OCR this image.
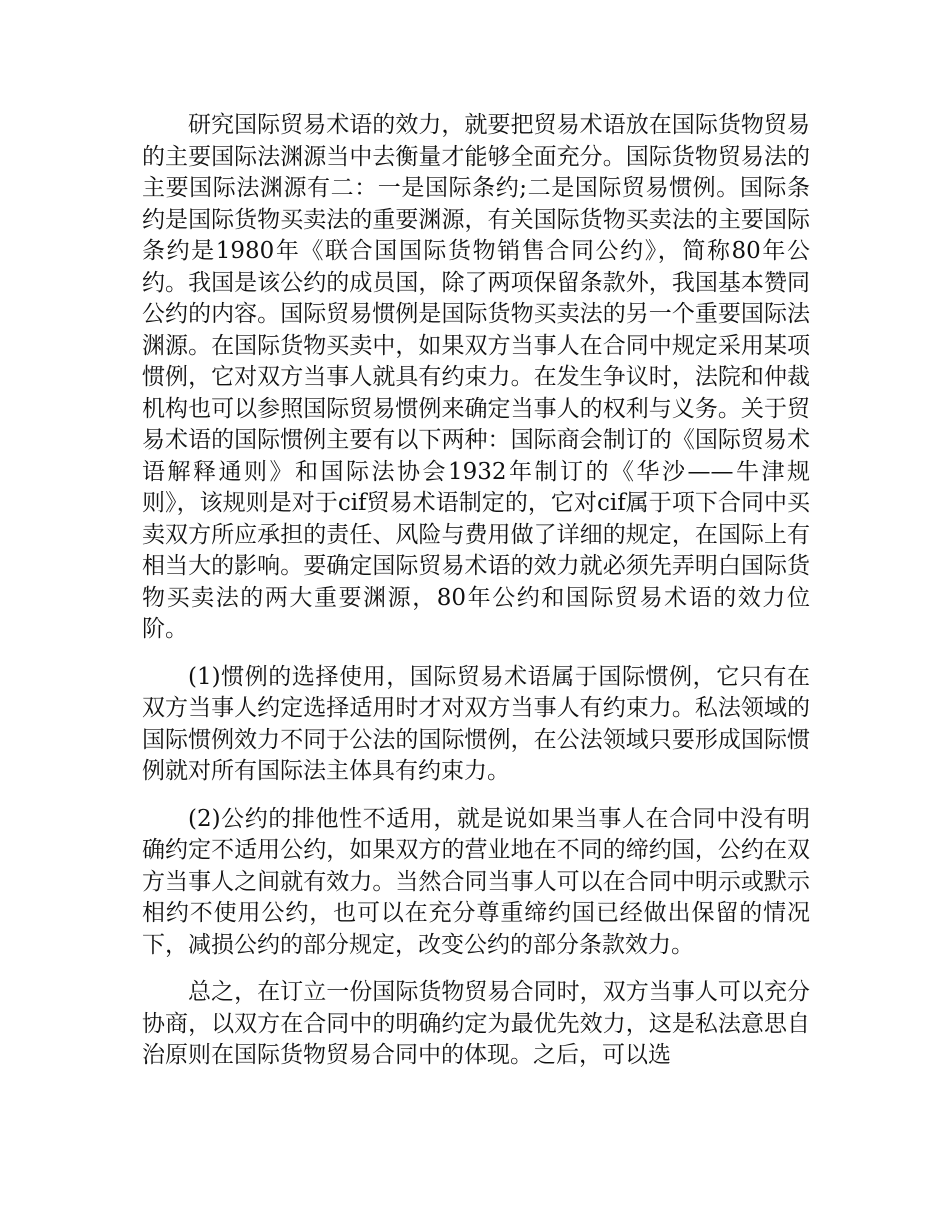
研究国际贸易术语的效力，就要把贸易术语放在国际货物贸易的主要国际法渊源当中去衡量才能够全面充分。国际货物贸易法的主要国际法渊源有二：一是国际条约;二是国际贸易惯例。国际条约是国际货物买卖法的重要渊源，有关国际货物买卖法的主要国际条约是1980年《联合国国际货物销售合同公约》，简称80年公约。我国是该公约的成员国，除了两项保留条款外，我国基本赞同公约的内容。国际贸易惯例是国际货物买卖法的另一个重要国际法渊源。在国际货物买卖中，如果双方当事人在合同中规定采用某项惯例，它对双方当事人就具有约束力。在发生争议时，法院和仲裁机构也可以参照国际贸易惯例来确定当事人的权利与义务。关于贸易术语的国际惯例主要有以下两种：国际商会制订的《国际贸易术语解释通则》和国际法协会1932年制订的《华沙——牛津规则》，该规则是对于cif贸易术语制定的，它对cif属于项下合同中买卖双方所应承担的责任、风险与费用做了详细的规定，在国际上有相当大的影响。要确定国际贸易术语的效力就必须先弄明白国际货物买卖法的两大重要渊源，80年公约和国际贸易术语的效力位阶。

(1)惯例的选择使用，国际贸易术语属于国际惯例，它只有在双方当事人约定选择适用时才对双方当事人有约束力。私法领域的国际惯例效力不同于公法的国际惯例，在公法领域只要形成国际惯例就对所有国际法主体具有约束力。

(2)公约的排他性不适用，就是说如果当事人在合同中没有明确约定不适用公约，如果双方的营业地在不同的缔约国，公约在双方当事人之间就有效力。当然合同当事人可以在合同中明示或默示相约不使用公约，也可以在充分尊重缔约国已经做出保留的情况下，减损公约的部分规定，改变公约的部分条款效力。

总之，在订立一份国际货物贸易合同时，双方当事人可以充分协商，以双方在合同中的明确约定为最优先效力，这是私法意思自治原则在国际货物贸易合同中的体现。之后，可以选
